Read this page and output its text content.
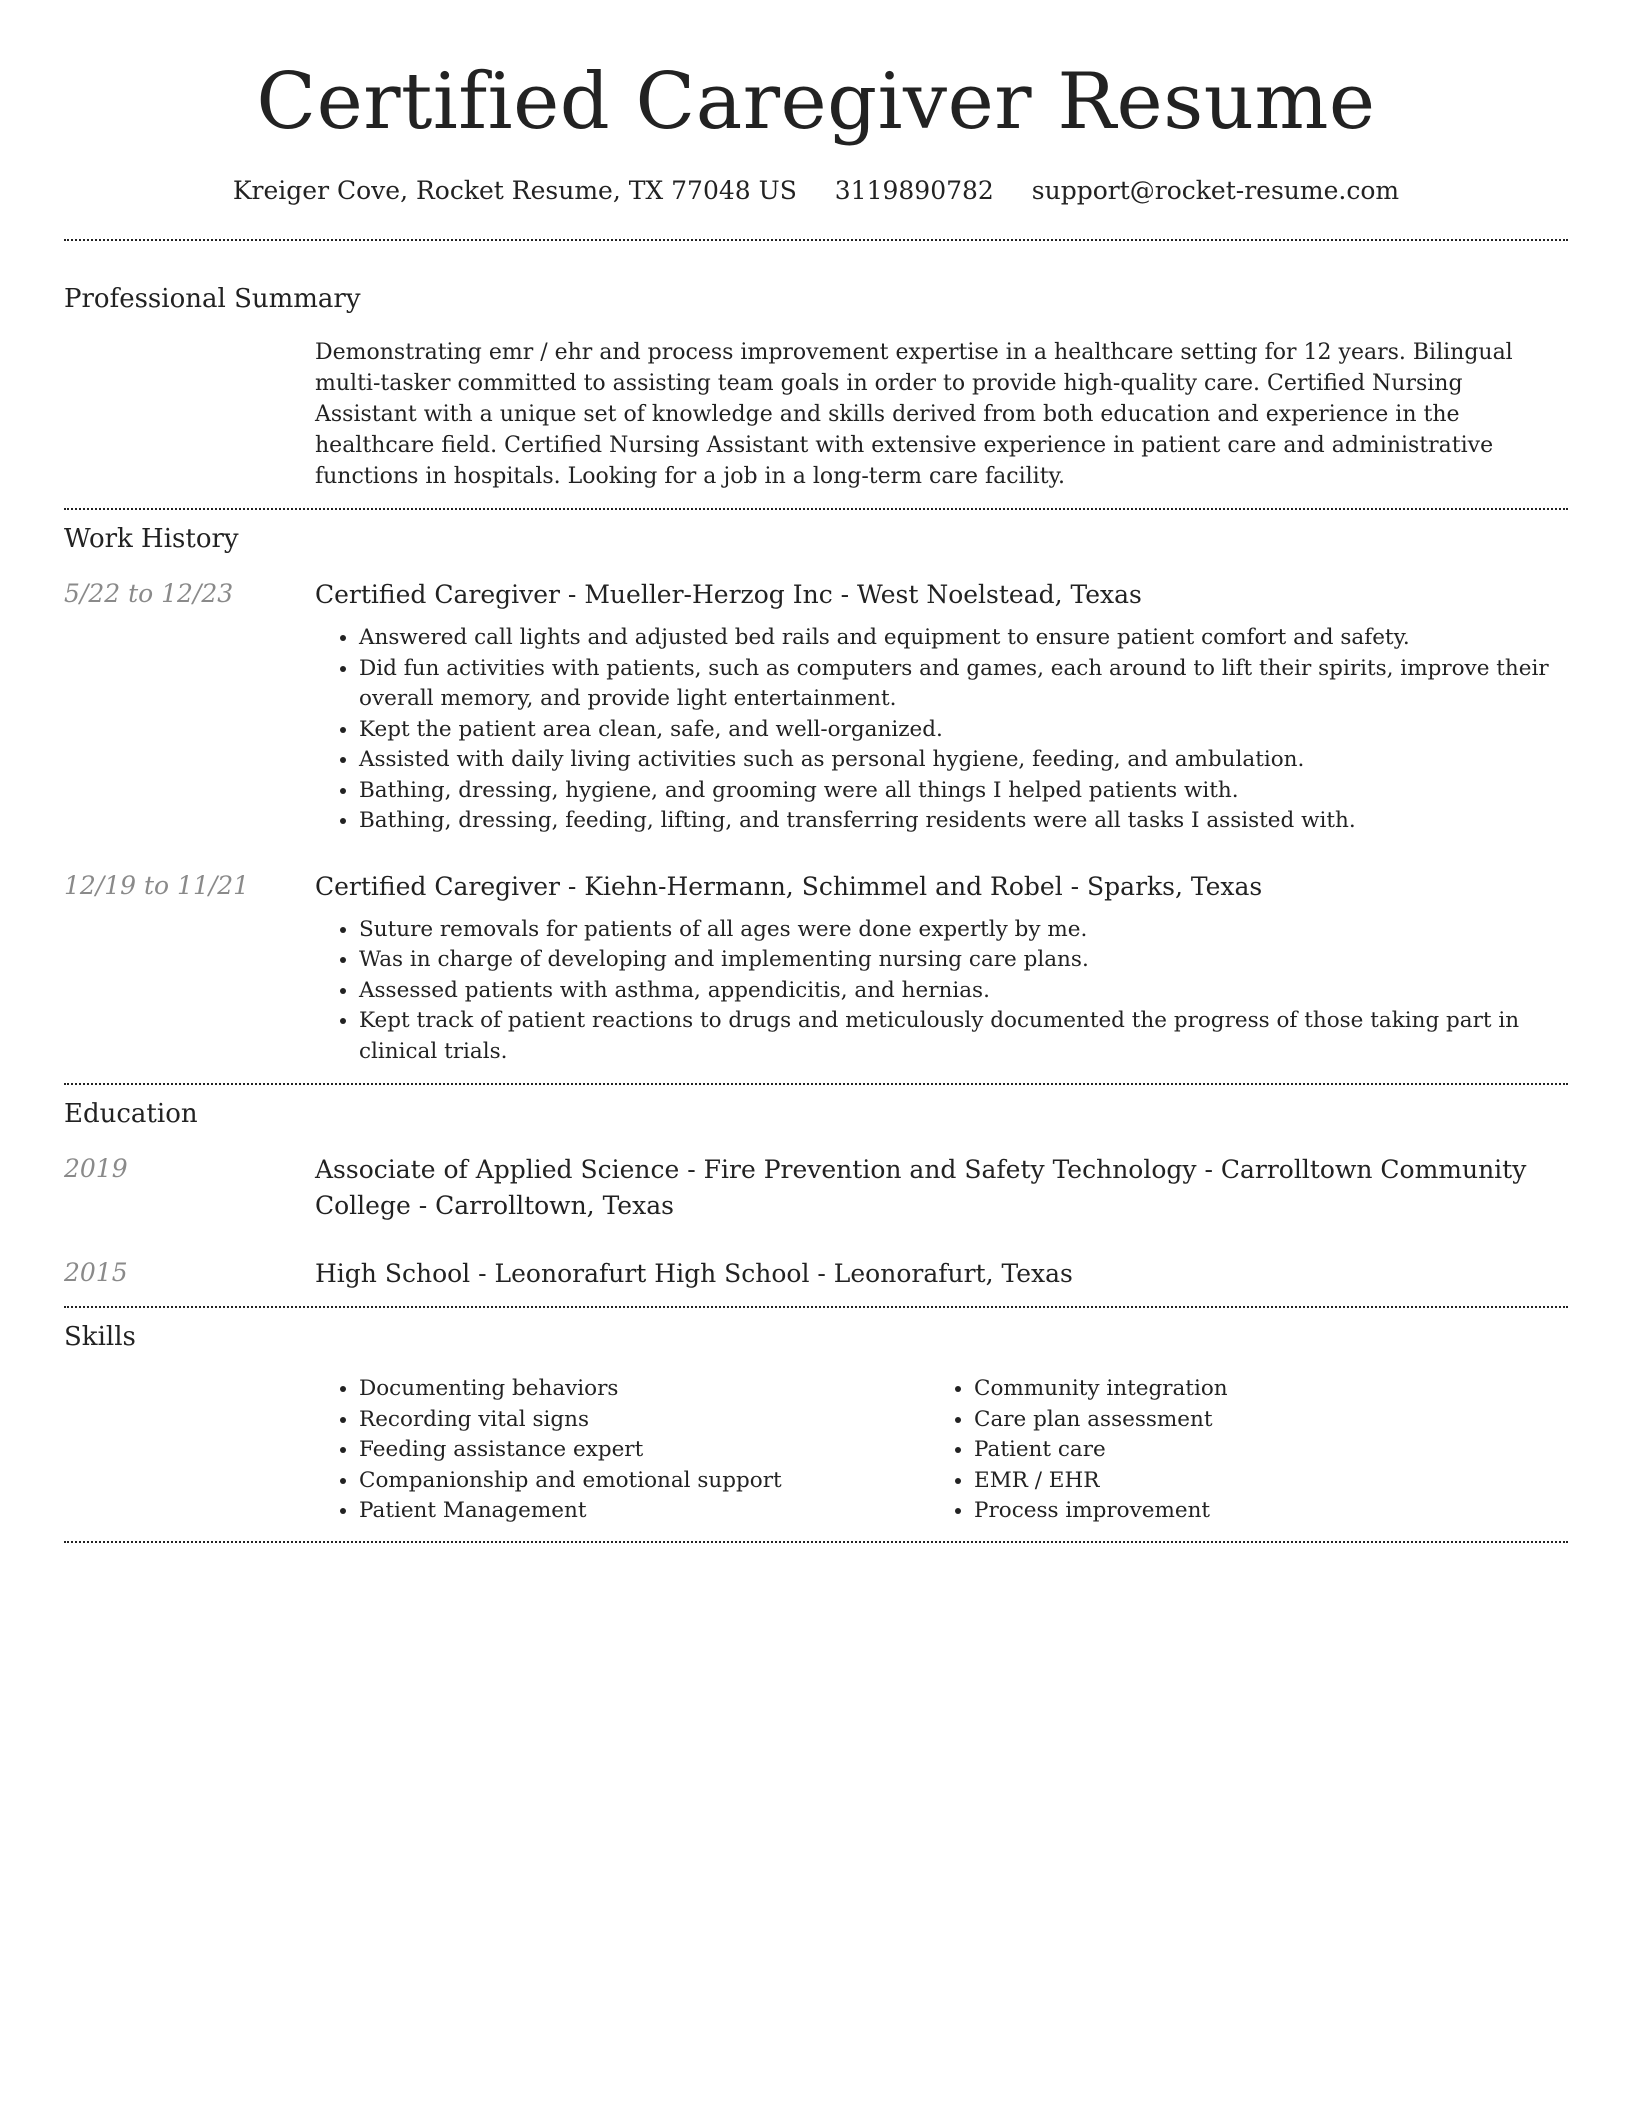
Certified Caregiver Resume
Kreiger Cove, Rocket Resume, TX 77048 US 3119890782 support@rocket-resume.com
Professional Summary
Demonstrating emr / ehr and process improvement expertise in a healthcare setting for 12 years. Bilingual multi-tasker committed to assisting team goals in order to provide high-quality care. Certified Nursing Assistant with a unique set of knowledge and skills derived from both education and experience in the healthcare field. Certified Nursing Assistant with extensive experience in patient care and administrative functions in hospitals. Looking for a job in a long-term care facility.
Work History
5/22 to 12/23	Certified Caregiver - Mueller-Herzog Inc - West Noelstead, Texas
• Answered call lights and adjusted bed rails and equipment to ensure patient comfort and safety.
• Did fun activities with patients, such as computers and games, each around to lift their spirits, improve their overall memory, and provide light entertainment.
• Kept the patient area clean, safe, and well-organized.
• Assisted with daily living activities such as personal hygiene, feeding, and ambulation.
• Bathing, dressing, hygiene, and grooming were all things I helped patients with.
• Bathing, dressing, feeding, lifting, and transferring residents were all tasks I assisted with.
12/19 to 11/21	Certified Caregiver - Kiehn-Hermann, Schimmel and Robel - Sparks, Texas
• Suture removals for patients of all ages were done expertly by me.
• Was in charge of developing and implementing nursing care plans.
• Assessed patients with asthma, appendicitis, and hernias.
• Kept track of patient reactions to drugs and meticulously documented the progress of those taking part in clinical trials.
Education
2019	Associate of Applied Science - Fire Prevention and Safety Technology - Carrolltown Community College - Carrolltown, Texas
2015	High School - Leonorafurt High School - Leonorafurt, Texas
Skills
• Documenting behaviors
• Recording vital signs
• Feeding assistance expert
• Companionship and emotional support
• Patient Management
• Community integration
• Care plan assessment
• Patient care
• EMR / EHR
• Process improvement
